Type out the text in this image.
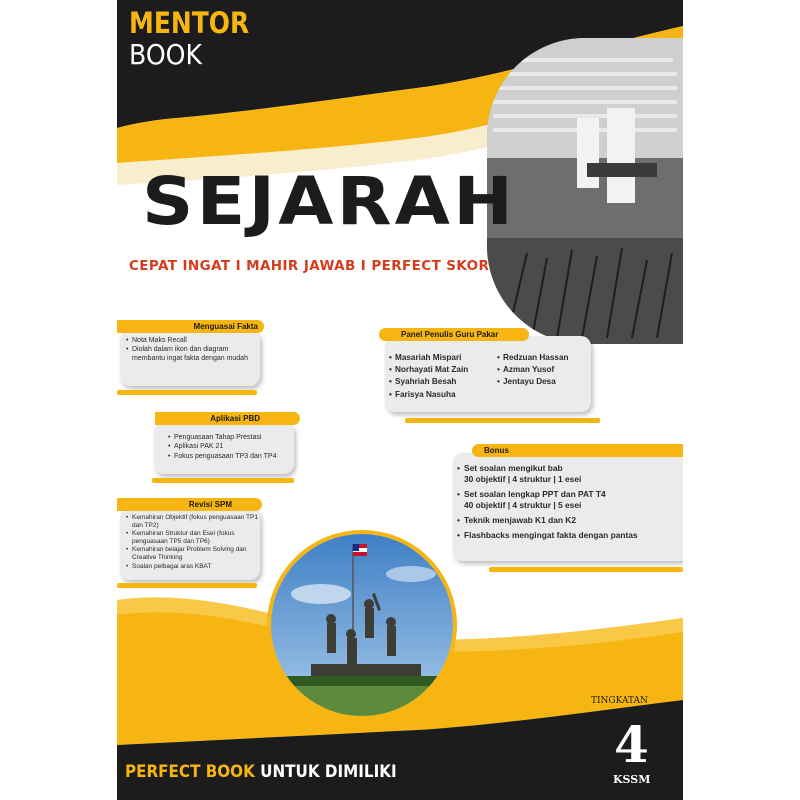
MENTOR
BOOK
SEJARAH
CEPAT INGAT I MAHIR JAWAB I PERFECT SKOR
Menguasai Fakta
• Nota Maks Recall
• Diolah dalam ikon dan diagram membantu ingat fakta dengan mudah
Aplikasi PBD
• Penguasaan Tahap Prestasi
• Aplikasi PAK 21
• Fokus penguasaan TP3 dan TP4
Revisi SPM
• Kemahiran Objektif (fokus penguasaan TP1 dan TP2)
• Kemahiran Struktur dan Esei (fokus penguasaan TP5 dan TP6)
• Kemahiran belajar Problem Solving dan Creative Thinking
• Soalan pelbagai aras KBAT
Panel Penulis Guru Pakar
• Masariah Mispari
• Norhayati Mat Zain
• Syahriah Besah
• Farisya Nasuha
• Redzuan Hassan
• Azman Yusof
• Jentayu Desa
Bonus
• Set soalan mengikut bab
30 objektif | 4 struktur | 1 esei
• Set soalan lengkap PPT dan PAT T4
40 objektif | 4 struktur | 5 esei
• Teknik menjawab K1 dan K2
• Flashbacks mengingat fakta dengan pantas
TINGKATAN
4
KSSM
PERFECT BOOK UNTUK DIMILIKI
